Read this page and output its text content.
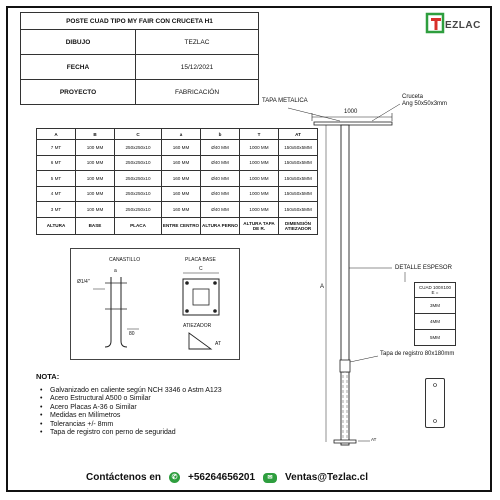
POSTE CUAD TIPO MY FAIR CON CRUCETA H1	
DIBUJO	TEZLAC
FECHA	15/12/2021
PROYECTO	FABRICACIÓN
EZLAC
A	B	C	a	b	T	AT
7 MT	100 MM	250x250x10	160 MM	Ø40 MM	1000 MM	150x50x5MM
6 MT	100 MM	250x250x10	160 MM	Ø40 MM	1000 MM	150x50x5MM
5 MT	100 MM	250x250x10	160 MM	Ø40 MM	1000 MM	150x50x5MM
4 MT	100 MM	250x250x10	160 MM	Ø40 MM	1000 MM	150x50x5MM
3 MT	100 MM	250x250x10	160 MM	Ø40 MM	1000 MM	150x50x5MM
ALTURA	BASE	PLACA	ENTRE CENTRO	ALTURA PERNO	ALTURA TAPA DE R.	DIMENSIÓN ATIEZADOR
CANASTILLO
Ø1/4"
a
80
PLACA BASE
C
ATIEZADOR
AT
TAPA METALICA
1000
Cruceta
Ang 50x50x3mm
A
DETALLE ESPESOR
Tapa de registro 80x180mm
AT
CUAD 100X100
E =

3MM
4MM
5MM
NOTA:
• Galvanizado en caliente según NCH 3346 o Astm A123
• Acero Estructural A500 o Similar
• Acero Placas A-36 o Similar
• Medidas en Milímetros
• Tolerancias +/- 8mm
• Tapa de registro con perno de seguridad
Contáctenos en	✆ +56264656201	✉	Ventas@Tezlac.cl
